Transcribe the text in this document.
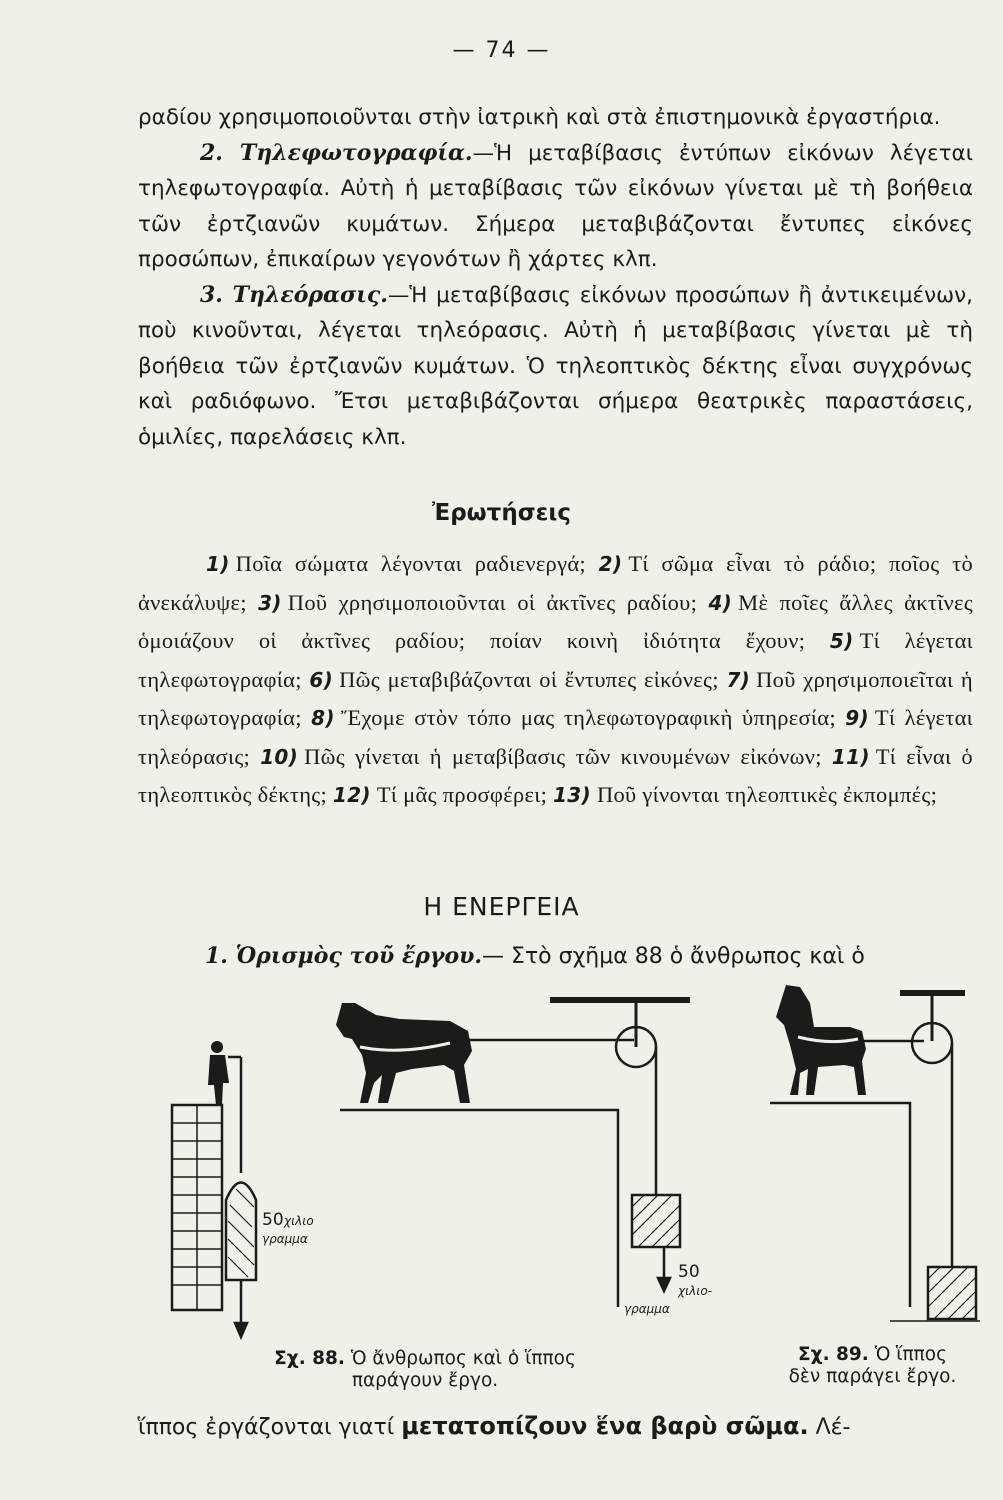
— 74 —

ραδίου χρησιμοποιοῦνται στὴν ἰατρικὴ καὶ στὰ ἐπιστημονικὰ ἐργαστήρια.

2. Τηλεφωτογραφία.—Ἡ μεταβίβασις ἐντύπων εἰκόνων λέγεται τηλεφωτογραφία. Αὐτὴ ἡ μεταβίβασις τῶν εἰκόνων γίνεται μὲ τὴ βοήθεια τῶν ἐρτζιανῶν κυμάτων. Σήμερα μεταβιβάζονται ἔντυπες εἰκόνες προσώπων, ἐπικαίρων γεγονότων ἢ χάρτες κλπ.

3. Τηλεόρασις.—Ἡ μεταβίβασις εἰκόνων προσώπων ἢ ἀντικειμένων, ποὺ κινοῦνται, λέγεται τηλεόρασις. Αὐτὴ ἡ μεταβίβασις γίνεται μὲ τὴ βοήθεια τῶν ἐρτζιανῶν κυμάτων. Ὁ τηλεοπτικὸς δέκτης εἶναι συγχρόνως καὶ ραδιόφωνο. Ἔτσι μεταβιβάζονται σήμερα θεατρικὲς παραστάσεις, ὁμιλίες, παρελάσεις κλπ.

Ἐρωτήσεις

1) Ποῖα σώματα λέγονται ραδιενεργά; 2) Τί σῶμα εἶναι τὸ ράδιο; ποῖος τὸ ἀνεκάλυψε; 3) Ποῦ χρησιμοποιοῦνται οἱ ἀκτῖνες ραδίου; 4) Μὲ ποῖες ἄλλες ἀκτῖνες ὁμοιάζουν οἱ ἀκτῖνες ραδίου; ποίαν κοινὴ ἰδιότητα ἔχουν; 5) Τί λέγεται τηλεφωτογραφία; 6) Πῶς μεταβιβάζονται οἱ ἔντυπες εἰκόνες; 7) Ποῦ χρησιμοποιεῖται ἡ τηλεφωτογραφία; 8) Ἔχομε στὸν τόπο μας τηλεφωτογραφικὴ ὑπηρεσία; 9) Τί λέγεται τηλεόρασις; 10) Πῶς γίνεται ἡ μεταβίβασις τῶν κινουμένων εἰκόνων; 11) Τί εἶναι ὁ τηλεοπτικὸς δέκτης; 12) Τί μᾶς προσφέρει; 13) Ποῦ γίνονται τηλεοπτικὲς ἐκπομπές;

Η ΕΝΕΡΓΕΙΑ
1. Ὁρισμὸς τοῦ ἔργου.— Στὸ σχῆμα 88 ὁ ἄνθρωπος καὶ ὁ
50 χιλιο
γραμμα
50
χιλιο-
γραμμα
Σχ. 88. Ὁ ἄνθρωπος καὶ ὁ ἵππος
παράγουν ἔργο.
Σχ. 89. Ὁ ἵππος
δὲν παράγει ἔργο.
ἵππος ἐργάζονται γιατί μετατοπίζουν ἕνα βαρὺ σῶμα. Λέ-
